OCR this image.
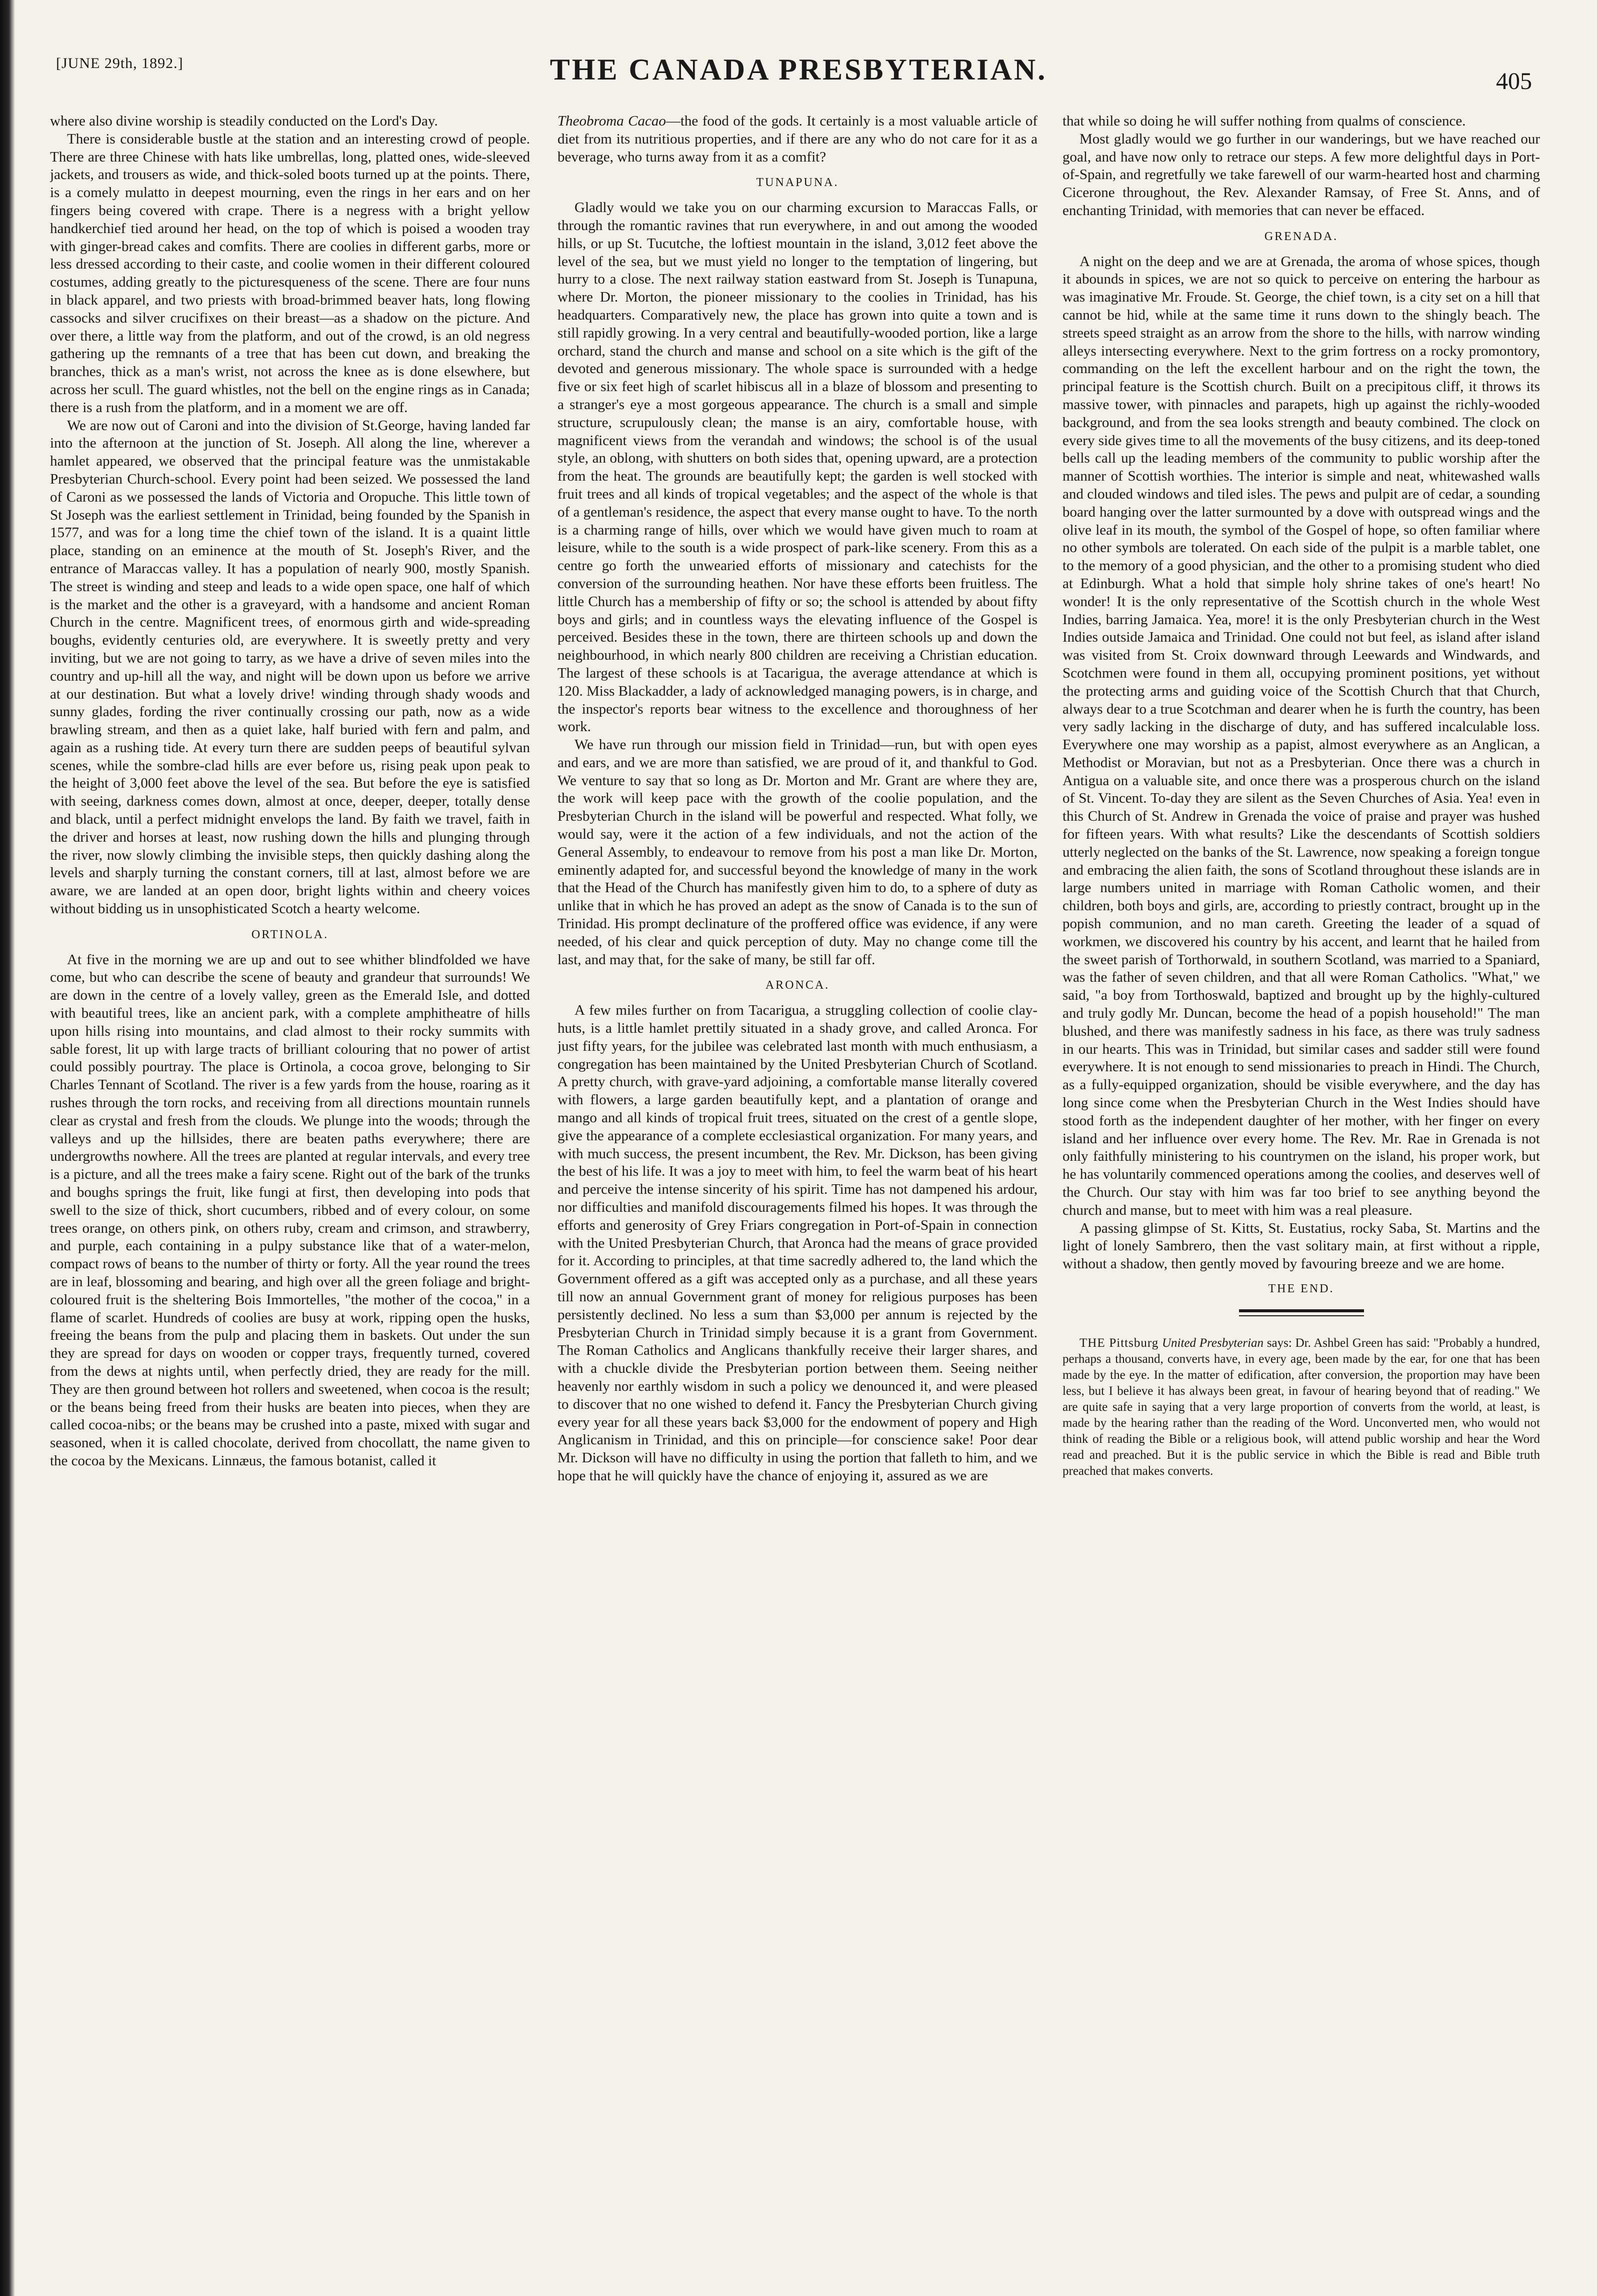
[JUNE 29th, 1892.]	THE CANADA PRESBYTERIAN.	405

where also divine worship is steadily conducted on the Lord's Day.

There is considerable bustle at the station and an interesting crowd of people. There are three Chinese with hats like umbrellas, long, platted ones, wide-sleeved jackets, and trousers as wide, and thick-soled boots turned up at the points. There, is a comely mulatto in deepest mourning, even the rings in her ears and on her fingers being covered with crape. There is a negress with a bright yellow handkerchief tied around her head, on the top of which is poised a wooden tray with ginger-bread cakes and comfits. There are coolies in different garbs, more or less dressed according to their caste, and coolie women in their different coloured costumes, adding greatly to the picturesqueness of the scene. There are four nuns in black apparel, and two priests with broad-brimmed beaver hats, long flowing cassocks and silver crucifixes on their breast—as a shadow on the picture. And over there, a little way from the platform, and out of the crowd, is an old negress gathering up the remnants of a tree that has been cut down, and breaking the branches, thick as a man's wrist, not across the knee as is done elsewhere, but across her scull. The guard whistles, not the bell on the engine rings as in Canada; there is a rush from the platform, and in a moment we are off.

We are now out of Caroni and into the division of St.George, having landed far into the afternoon at the junction of St. Joseph. All along the line, wherever a hamlet appeared, we observed that the principal feature was the unmistakable Presbyterian Church-school. Every point had been seized. We possessed the land of Caroni as we possessed the lands of Victoria and Oropuche. This little town of St Joseph was the earliest settlement in Trinidad, being founded by the Spanish in 1577, and was for a long time the chief town of the island. It is a quaint little place, standing on an eminence at the mouth of St. Joseph's River, and the entrance of Maraccas valley. It has a population of nearly 900, mostly Spanish. The street is winding and steep and leads to a wide open space, one half of which is the market and the other is a graveyard, with a handsome and ancient Roman Church in the centre. Magnificent trees, of enormous girth and wide-spreading boughs, evidently centuries old, are everywhere. It is sweetly pretty and very inviting, but we are not going to tarry, as we have a drive of seven miles into the country and up-hill all the way, and night will be down upon us before we arrive at our destination. But what a lovely drive! winding through shady woods and sunny glades, fording the river continually crossing our path, now as a wide brawling stream, and then as a quiet lake, half buried with fern and palm, and again as a rushing tide. At every turn there are sudden peeps of beautiful sylvan scenes, while the sombre-clad hills are ever before us, rising peak upon peak to the height of 3,000 feet above the level of the sea. But before the eye is satisfied with seeing, darkness comes down, almost at once, deeper, deeper, totally dense and black, until a perfect midnight envelops the land. By faith we travel, faith in the driver and horses at least, now rushing down the hills and plunging through the river, now slowly climbing the invisible steps, then quickly dashing along the levels and sharply turning the constant corners, till at last, almost before we are aware, we are landed at an open door, bright lights within and cheery voices without bidding us in unsophisticated Scotch a hearty welcome.

ORTINOLA.

At five in the morning we are up and out to see whither blindfolded we have come, but who can describe the scene of beauty and grandeur that surrounds! We are down in the centre of a lovely valley, green as the Emerald Isle, and dotted with beautiful trees, like an ancient park, with a complete amphitheatre of hills upon hills rising into mountains, and clad almost to their rocky summits with sable forest, lit up with large tracts of brilliant colouring that no power of artist could possibly pourtray. The place is Ortinola, a cocoa grove, belonging to Sir Charles Tennant of Scotland. The river is a few yards from the house, roaring as it rushes through the torn rocks, and receiving from all directions mountain runnels clear as crystal and fresh from the clouds. We plunge into the woods; through the valleys and up the hillsides, there are beaten paths everywhere; there are undergrowths nowhere. All the trees are planted at regular intervals, and every tree is a picture, and all the trees make a fairy scene. Right out of the bark of the trunks and boughs springs the fruit, like fungi at first, then developing into pods that swell to the size of thick, short cucumbers, ribbed and of every colour, on some trees orange, on others pink, on others ruby, cream and crimson, and strawberry, and purple, each containing in a pulpy substance like that of a water-melon, compact rows of beans to the number of thirty or forty. All the year round the trees are in leaf, blossoming and bearing, and high over all the green foliage and bright-coloured fruit is the sheltering Bois Immortelles, "the mother of the cocoa," in a flame of scarlet. Hundreds of coolies are busy at work, ripping open the husks, freeing the beans from the pulp and placing them in baskets. Out under the sun they are spread for days on wooden or copper trays, frequently turned, covered from the dews at nights until, when perfectly dried, they are ready for the mill. They are then ground between hot rollers and sweetened, when cocoa is the result; or the beans being freed from their husks are beaten into pieces, when they are called cocoa-nibs; or the beans may be crushed into a paste, mixed with sugar and seasoned, when it is called chocolate, derived from chocollatt, the name given to the cocoa by the Mexicans. Linnæus, the famous botanist, called it

Theobroma Cacao—the food of the gods. It certainly is a most valuable article of diet from its nutritious properties, and if there are any who do not care for it as a beverage, who turns away from it as a comfit?

TUNAPUNA.

Gladly would we take you on our charming excursion to Maraccas Falls, or through the romantic ravines that run everywhere, in and out among the wooded hills, or up St. Tucutche, the loftiest mountain in the island, 3,012 feet above the level of the sea, but we must yield no longer to the temptation of lingering, but hurry to a close. The next railway station eastward from St. Joseph is Tunapuna, where Dr. Morton, the pioneer missionary to the coolies in Trinidad, has his headquarters. Comparatively new, the place has grown into quite a town and is still rapidly growing. In a very central and beautifully-wooded portion, like a large orchard, stand the church and manse and school on a site which is the gift of the devoted and generous missionary. The whole space is surrounded with a hedge five or six feet high of scarlet hibiscus all in a blaze of blossom and presenting to a stranger's eye a most gorgeous appearance. The church is a small and simple structure, scrupulously clean; the manse is an airy, comfortable house, with magnificent views from the verandah and windows; the school is of the usual style, an oblong, with shutters on both sides that, opening upward, are a protection from the heat. The grounds are beautifully kept; the garden is well stocked with fruit trees and all kinds of tropical vegetables; and the aspect of the whole is that of a gentleman's residence, the aspect that every manse ought to have. To the north is a charming range of hills, over which we would have given much to roam at leisure, while to the south is a wide prospect of park-like scenery. From this as a centre go forth the unwearied efforts of missionary and catechists for the conversion of the surrounding heathen. Nor have these efforts been fruitless. The little Church has a membership of fifty or so; the school is attended by about fifty boys and girls; and in countless ways the elevating influence of the Gospel is perceived. Besides these in the town, there are thirteen schools up and down the neighbourhood, in which nearly 800 children are receiving a Christian education. The largest of these schools is at Tacarigua, the average attendance at which is 120. Miss Blackadder, a lady of acknowledged managing powers, is in charge, and the inspector's reports bear witness to the excellence and thoroughness of her work.

We have run through our mission field in Trinidad—run, but with open eyes and ears, and we are more than satisfied, we are proud of it, and thankful to God. We venture to say that so long as Dr. Morton and Mr. Grant are where they are, the work will keep pace with the growth of the coolie population, and the Presbyterian Church in the island will be powerful and respected. What folly, we would say, were it the action of a few individuals, and not the action of the General Assembly, to endeavour to remove from his post a man like Dr. Morton, eminently adapted for, and successful beyond the knowledge of many in the work that the Head of the Church has manifestly given him to do, to a sphere of duty as unlike that in which he has proved an adept as the snow of Canada is to the sun of Trinidad. His prompt declinature of the proffered office was evidence, if any were needed, of his clear and quick perception of duty. May no change come till the last, and may that, for the sake of many, be still far off.

ARONCA.

A few miles further on from Tacarigua, a struggling collection of coolie clay-huts, is a little hamlet prettily situated in a shady grove, and called Aronca. For just fifty years, for the jubilee was celebrated last month with much enthusiasm, a congregation has been maintained by the United Presbyterian Church of Scotland. A pretty church, with grave-yard adjoining, a comfortable manse literally covered with flowers, a large garden beautifully kept, and a plantation of orange and mango and all kinds of tropical fruit trees, situated on the crest of a gentle slope, give the appearance of a complete ecclesiastical organization. For many years, and with much success, the present incumbent, the Rev. Mr. Dickson, has been giving the best of his life. It was a joy to meet with him, to feel the warm beat of his heart and perceive the intense sincerity of his spirit. Time has not dampened his ardour, nor difficulties and manifold discouragements filmed his hopes. It was through the efforts and generosity of Grey Friars congregation in Port-of-Spain in connection with the United Presbyterian Church, that Aronca had the means of grace provided for it. According to principles, at that time sacredly adhered to, the land which the Government offered as a gift was accepted only as a purchase, and all these years till now an annual Government grant of money for religious purposes has been persistently declined. No less a sum than $3,000 per annum is rejected by the Presbyterian Church in Trinidad simply because it is a grant from Government. The Roman Catholics and Anglicans thankfully receive their larger shares, and with a chuckle divide the Presbyterian portion between them. Seeing neither heavenly nor earthly wisdom in such a policy we denounced it, and were pleased to discover that no one wished to defend it. Fancy the Presbyterian Church giving every year for all these years back $3,000 for the endowment of popery and High Anglicanism in Trinidad, and this on principle—for conscience sake! Poor dear Mr. Dickson will have no difficulty in using the portion that falleth to him, and we hope that he will quickly have the chance of enjoying it, assured as we are

that while so doing he will suffer nothing from qualms of conscience.

Most gladly would we go further in our wanderings, but we have reached our goal, and have now only to retrace our steps. A few more delightful days in Port-of-Spain, and regretfully we take farewell of our warm-hearted host and charming Cicerone throughout, the Rev. Alexander Ramsay, of Free St. Anns, and of enchanting Trinidad, with memories that can never be effaced.

GRENADA.

A night on the deep and we are at Grenada, the aroma of whose spices, though it abounds in spices, we are not so quick to perceive on entering the harbour as was imaginative Mr. Froude. St. George, the chief town, is a city set on a hill that cannot be hid, while at the same time it runs down to the shingly beach. The streets speed straight as an arrow from the shore to the hills, with narrow winding alleys intersecting everywhere. Next to the grim fortress on a rocky promontory, commanding on the left the excellent harbour and on the right the town, the principal feature is the Scottish church. Built on a precipitous cliff, it throws its massive tower, with pinnacles and parapets, high up against the richly-wooded background, and from the sea looks strength and beauty combined. The clock on every side gives time to all the movements of the busy citizens, and its deep-toned bells call up the leading members of the community to public worship after the manner of Scottish worthies. The interior is simple and neat, whitewashed walls and clouded windows and tiled isles. The pews and pulpit are of cedar, a sounding board hanging over the latter surmounted by a dove with outspread wings and the olive leaf in its mouth, the symbol of the Gospel of hope, so often familiar where no other symbols are tolerated. On each side of the pulpit is a marble tablet, one to the memory of a good physician, and the other to a promising student who died at Edinburgh. What a hold that simple holy shrine takes of one's heart! No wonder! It is the only representative of the Scottish church in the whole West Indies, barring Jamaica. Yea, more! it is the only Presbyterian church in the West Indies outside Jamaica and Trinidad. One could not but feel, as island after island was visited from St. Croix downward through Leewards and Windwards, and Scotchmen were found in them all, occupying prominent positions, yet without the protecting arms and guiding voice of the Scottish Church that that Church, always dear to a true Scotchman and dearer when he is furth the country, has been very sadly lacking in the discharge of duty, and has suffered incalculable loss. Everywhere one may worship as a papist, almost everywhere as an Anglican, a Methodist or Moravian, but not as a Presbyterian. Once there was a church in Antigua on a valuable site, and once there was a prosperous church on the island of St. Vincent. To-day they are silent as the Seven Churches of Asia. Yea! even in this Church of St. Andrew in Grenada the voice of praise and prayer was hushed for fifteen years. With what results? Like the descendants of Scottish soldiers utterly neglected on the banks of the St. Lawrence, now speaking a foreign tongue and embracing the alien faith, the sons of Scotland throughout these islands are in large numbers united in marriage with Roman Catholic women, and their children, both boys and girls, are, according to priestly contract, brought up in the popish communion, and no man careth. Greeting the leader of a squad of workmen, we discovered his country by his accent, and learnt that he hailed from the sweet parish of Torthorwald, in southern Scotland, was married to a Spaniard, was the father of seven children, and that all were Roman Catholics. "What," we said, "a boy from Torthoswald, baptized and brought up by the highly-cultured and truly godly Mr. Duncan, become the head of a popish household!" The man blushed, and there was manifestly sadness in his face, as there was truly sadness in our hearts. This was in Trinidad, but similar cases and sadder still were found everywhere. It is not enough to send missionaries to preach in Hindi. The Church, as a fully-equipped organization, should be visible everywhere, and the day has long since come when the Presbyterian Church in the West Indies should have stood forth as the independent daughter of her mother, with her finger on every island and her influence over every home. The Rev. Mr. Rae in Grenada is not only faithfully ministering to his countrymen on the island, his proper work, but he has voluntarily commenced operations among the coolies, and deserves well of the Church. Our stay with him was far too brief to see anything beyond the church and manse, but to meet with him was a real pleasure.

A passing glimpse of St. Kitts, St. Eustatius, rocky Saba, St. Martins and the light of lonely Sambrero, then the vast solitary main, at first without a ripple, without a shadow, then gently moved by favouring breeze and we are home.

THE END.

THE Pittsburg United Presbyterian says: Dr. Ashbel Green has said: "Probably a hundred, perhaps a thousand, converts have, in every age, been made by the ear, for one that has been made by the eye. In the matter of edification, after conversion, the proportion may have been less, but I believe it has always been great, in favour of hearing beyond that of reading." We are quite safe in saying that a very large proportion of converts from the world, at least, is made by the hearing rather than the reading of the Word. Unconverted men, who would not think of reading the Bible or a religious book, will attend public worship and hear the Word read and preached. But it is the public service in which the Bible is read and Bible truth preached that makes converts.
